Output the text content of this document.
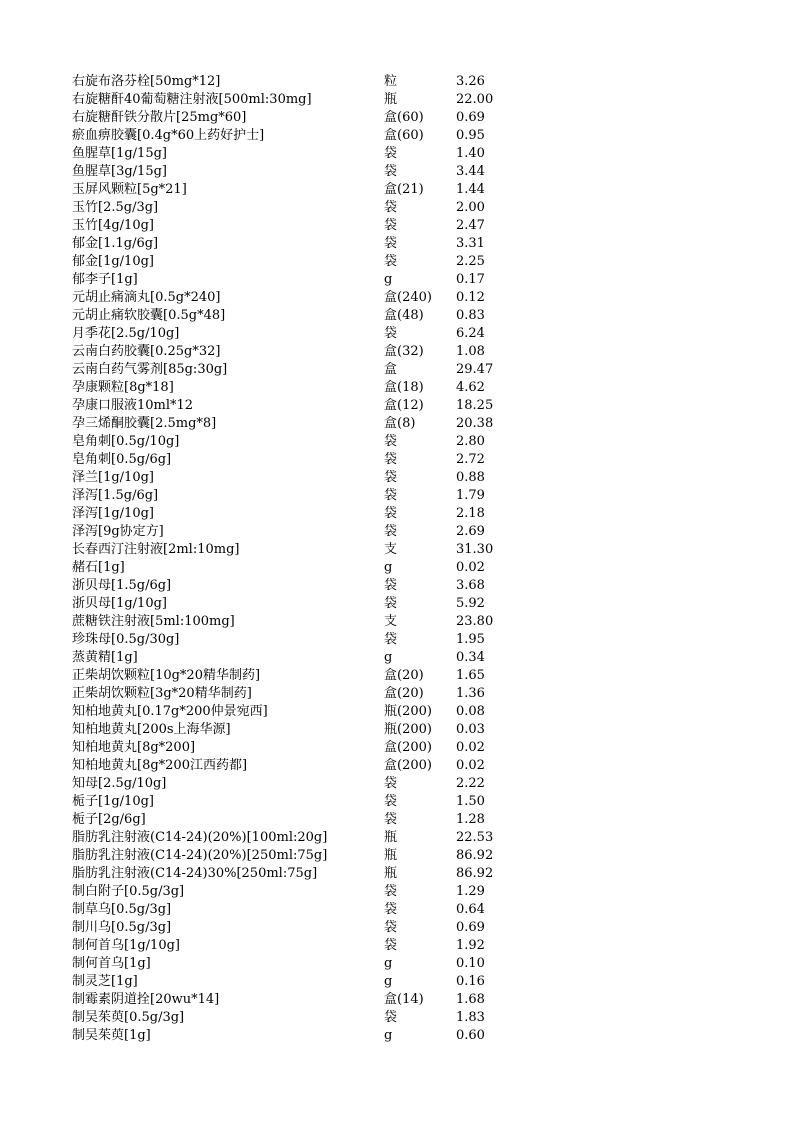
右旋布洛芬栓[50mg*12]	粒	3.26
右旋糖酐40葡萄糖注射液[500ml:30mg]	瓶	22.00
右旋糖酐铁分散片[25mg*60]	盒(60)	0.69
瘀血痹胶囊[0.4g*60上药好护士]	盒(60)	0.95
鱼腥草[1g/15g]	袋	1.40
鱼腥草[3g/15g]	袋	3.44
玉屏风颗粒[5g*21]	盒(21)	1.44
玉竹[2.5g/3g]	袋	2.00
玉竹[4g/10g]	袋	2.47
郁金[1.1g/6g]	袋	3.31
郁金[1g/10g]	袋	2.25
郁李子[1g]	g	0.17
元胡止痛滴丸[0.5g*240]	盒(240)	0.12
元胡止痛软胶囊[0.5g*48]	盒(48)	0.83
月季花[2.5g/10g]	袋	6.24
云南白药胶囊[0.25g*32]	盒(32)	1.08
云南白药气雾剂[85g:30g]	盒	29.47
孕康颗粒[8g*18]	盒(18)	4.62
孕康口服液10ml*12	盒(12)	18.25
孕三烯酮胶囊[2.5mg*8]	盒(8)	20.38
皂角刺[0.5g/10g]	袋	2.80
皂角刺[0.5g/6g]	袋	2.72
泽兰[1g/10g]	袋	0.88
泽泻[1.5g/6g]	袋	1.79
泽泻[1g/10g]	袋	2.18
泽泻[9g协定方]	袋	2.69
长春西汀注射液[2ml:10mg]	支	31.30
赭石[1g]	g	0.02
浙贝母[1.5g/6g]	袋	3.68
浙贝母[1g/10g]	袋	5.92
蔗糖铁注射液[5ml:100mg]	支	23.80
珍珠母[0.5g/30g]	袋	1.95
蒸黄精[1g]	g	0.34
正柴胡饮颗粒[10g*20精华制药]	盒(20)	1.65
正柴胡饮颗粒[3g*20精华制药]	盒(20)	1.36
知柏地黄丸[0.17g*200仲景宛西]	瓶(200)	0.08
知柏地黄丸[200s上海华源]	瓶(200)	0.03
知柏地黄丸[8g*200]	盒(200)	0.02
知柏地黄丸[8g*200江西药都]	盒(200)	0.02
知母[2.5g/10g]	袋	2.22
栀子[1g/10g]	袋	1.50
栀子[2g/6g]	袋	1.28
脂肪乳注射液(C14-24)(20%)[100ml:20g]	瓶	22.53
脂肪乳注射液(C14-24)(20%)[250ml:75g]	瓶	86.92
脂肪乳注射液(C14-24)30%[250ml:75g]	瓶	86.92
制白附子[0.5g/3g]	袋	1.29
制草乌[0.5g/3g]	袋	0.64
制川乌[0.5g/3g]	袋	0.69
制何首乌[1g/10g]	袋	1.92
制何首乌[1g]	g	0.10
制灵芝[1g]	g	0.16
制霉素阴道拴[20wu*14]	盒(14)	1.68
制吴茱萸[0.5g/3g]	袋	1.83
制吴茱萸[1g]	g	0.60
